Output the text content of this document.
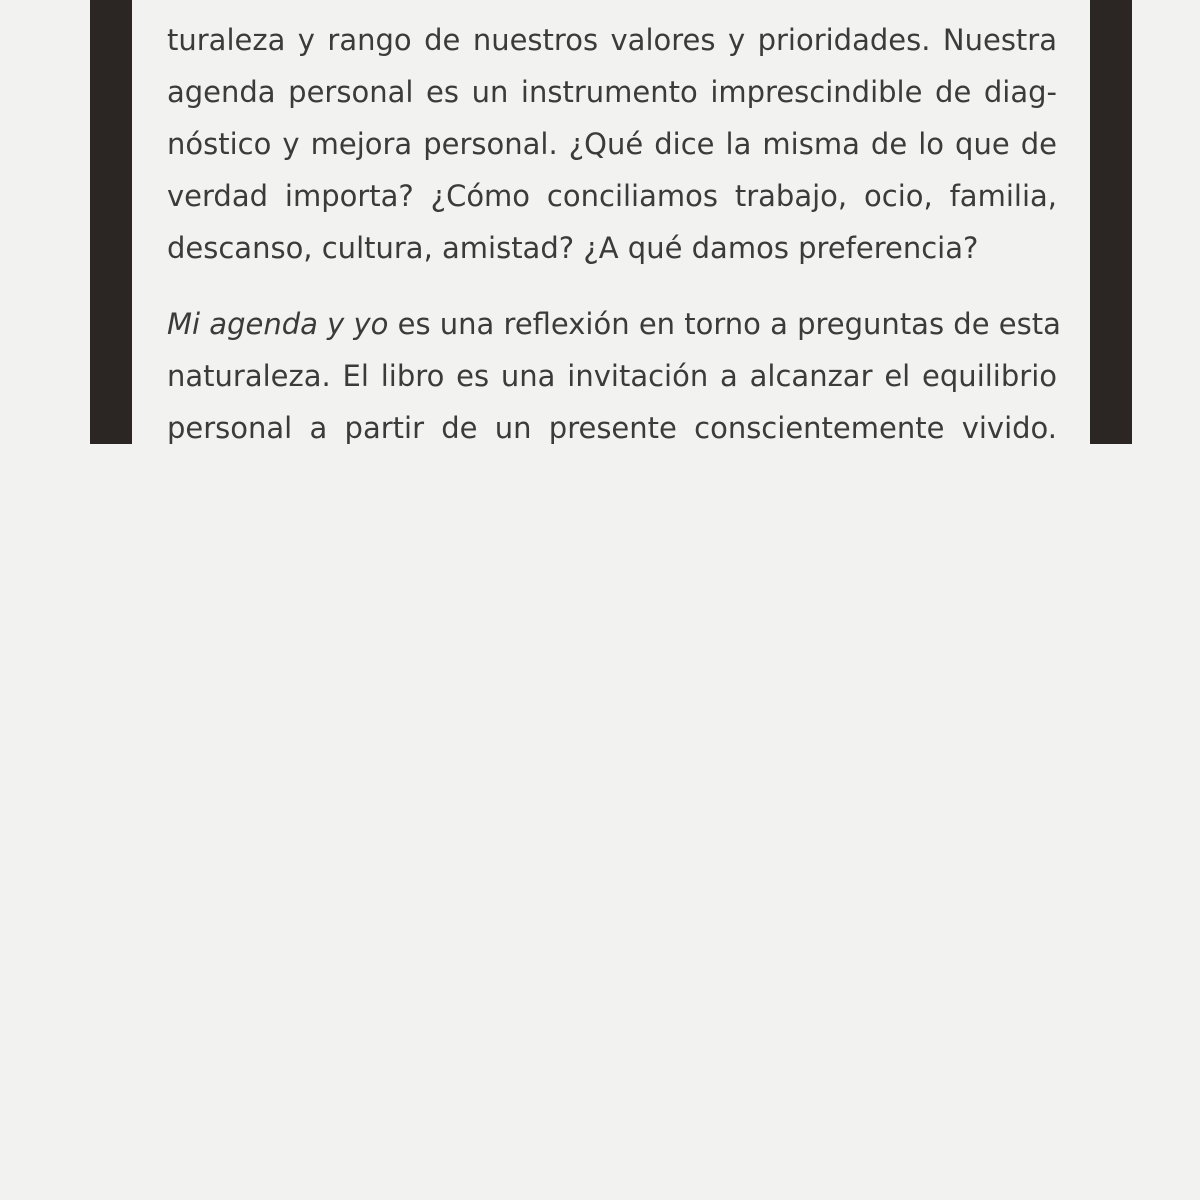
turaleza y rango de nuestros valores y prioridades. Nuestra
agenda personal es un instrumento imprescindible de diag-
nóstico y mejora personal. ¿Qué dice la misma de lo que de
verdad importa? ¿Cómo conciliamos trabajo, ocio, familia,
descanso, cultura, amistad? ¿A qué damos preferencia?
Mi agenda y yo es una reflexión en torno a preguntas de esta
naturaleza. El libro es una invitación a alcanzar el equilibrio
personal a partir de un presente conscientemente vivido.
